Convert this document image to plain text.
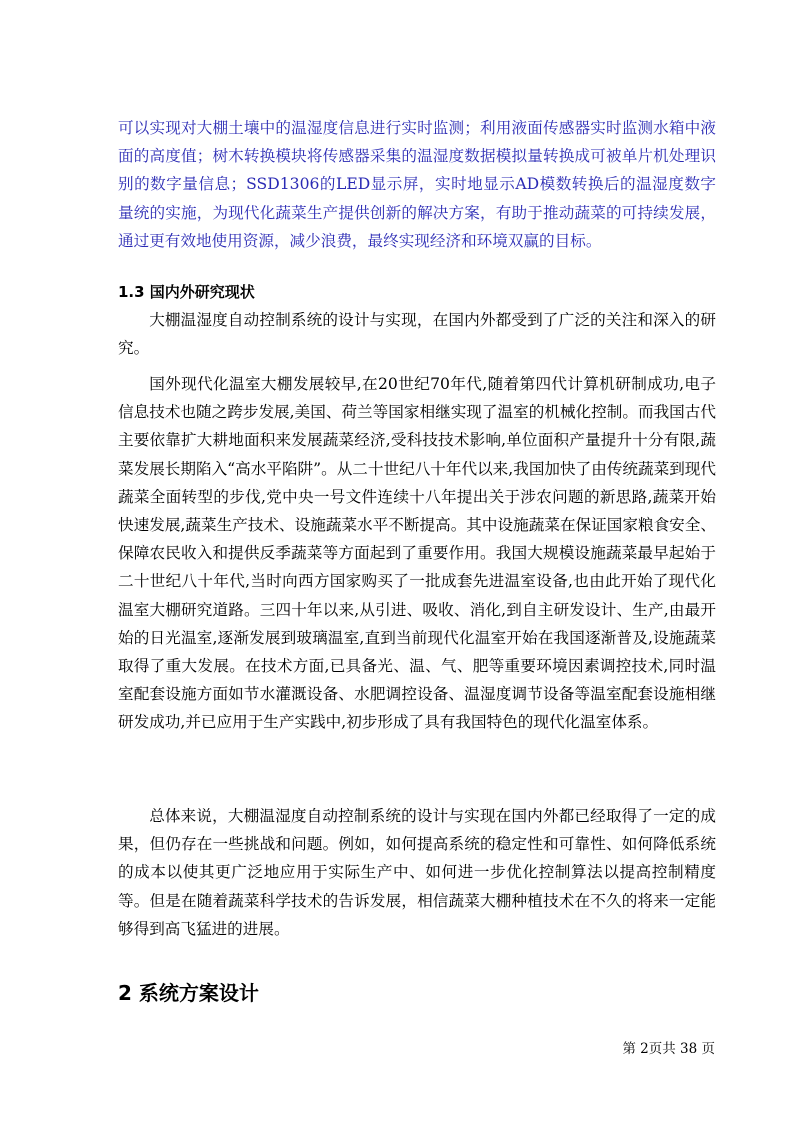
可以实现对大棚土壤中的温湿度信息进行实时监测；利用液面传感器实时监测水箱中液面的高度值；树木转换模块将传感器采集的温湿度数据模拟量转换成可被单片机处理识别的数字量信息；SSD1306的LED显示屏，实时地显示AD模数转换后的温湿度数字量统的实施，为现代化蔬菜生产提供创新的解决方案，有助于推动蔬菜的可持续发展，通过更有效地使用资源，减少浪费，最终实现经济和环境双赢的目标。

1.3 国内外研究现状

大棚温湿度自动控制系统的设计与实现，在国内外都受到了广泛的关注和深入的研究。

国外现代化温室大棚发展较早,在20世纪70年代,随着第四代计算机研制成功,电子信息技术也随之跨步发展,美国、荷兰等国家相继实现了温室的机械化控制。而我国古代主要依靠扩大耕地面积来发展蔬菜经济,受科技技术影响,单位面积产量提升十分有限,蔬菜发展长期陷入“高水平陷阱”。从二十世纪八十年代以来,我国加快了由传统蔬菜到现代蔬菜全面转型的步伐,党中央一号文件连续十八年提出关于涉农问题的新思路,蔬菜开始快速发展,蔬菜生产技术、设施蔬菜水平不断提高。其中设施蔬菜在保证国家粮食安全、保障农民收入和提供反季蔬菜等方面起到了重要作用。我国大规模设施蔬菜最早起始于二十世纪八十年代,当时向西方国家购买了一批成套先进温室设备,也由此开始了现代化温室大棚研究道路。三四十年以来,从引进、吸收、消化,到自主研发设计、生产,由最开始的日光温室,逐渐发展到玻璃温室,直到当前现代化温室开始在我国逐渐普及,设施蔬菜取得了重大发展。在技术方面,已具备光、温、气、肥等重要环境因素调控技术,同时温室配套设施方面如节水灌溉设备、水肥调控设备、温湿度调节设备等温室配套设施相继研发成功,并已应用于生产实践中,初步形成了具有我国特色的现代化温室体系。

总体来说，大棚温湿度自动控制系统的设计与实现在国内外都已经取得了一定的成果，但仍存在一些挑战和问题。例如，如何提高系统的稳定性和可靠性、如何降低系统的成本以使其更广泛地应用于实际生产中、如何进一步优化控制算法以提高控制精度等。但是在随着蔬菜科学技术的告诉发展，相信蔬菜大棚种植技术在不久的将来一定能够得到高飞猛进的进展。

2 系统方案设计

第 2页共 38 页
